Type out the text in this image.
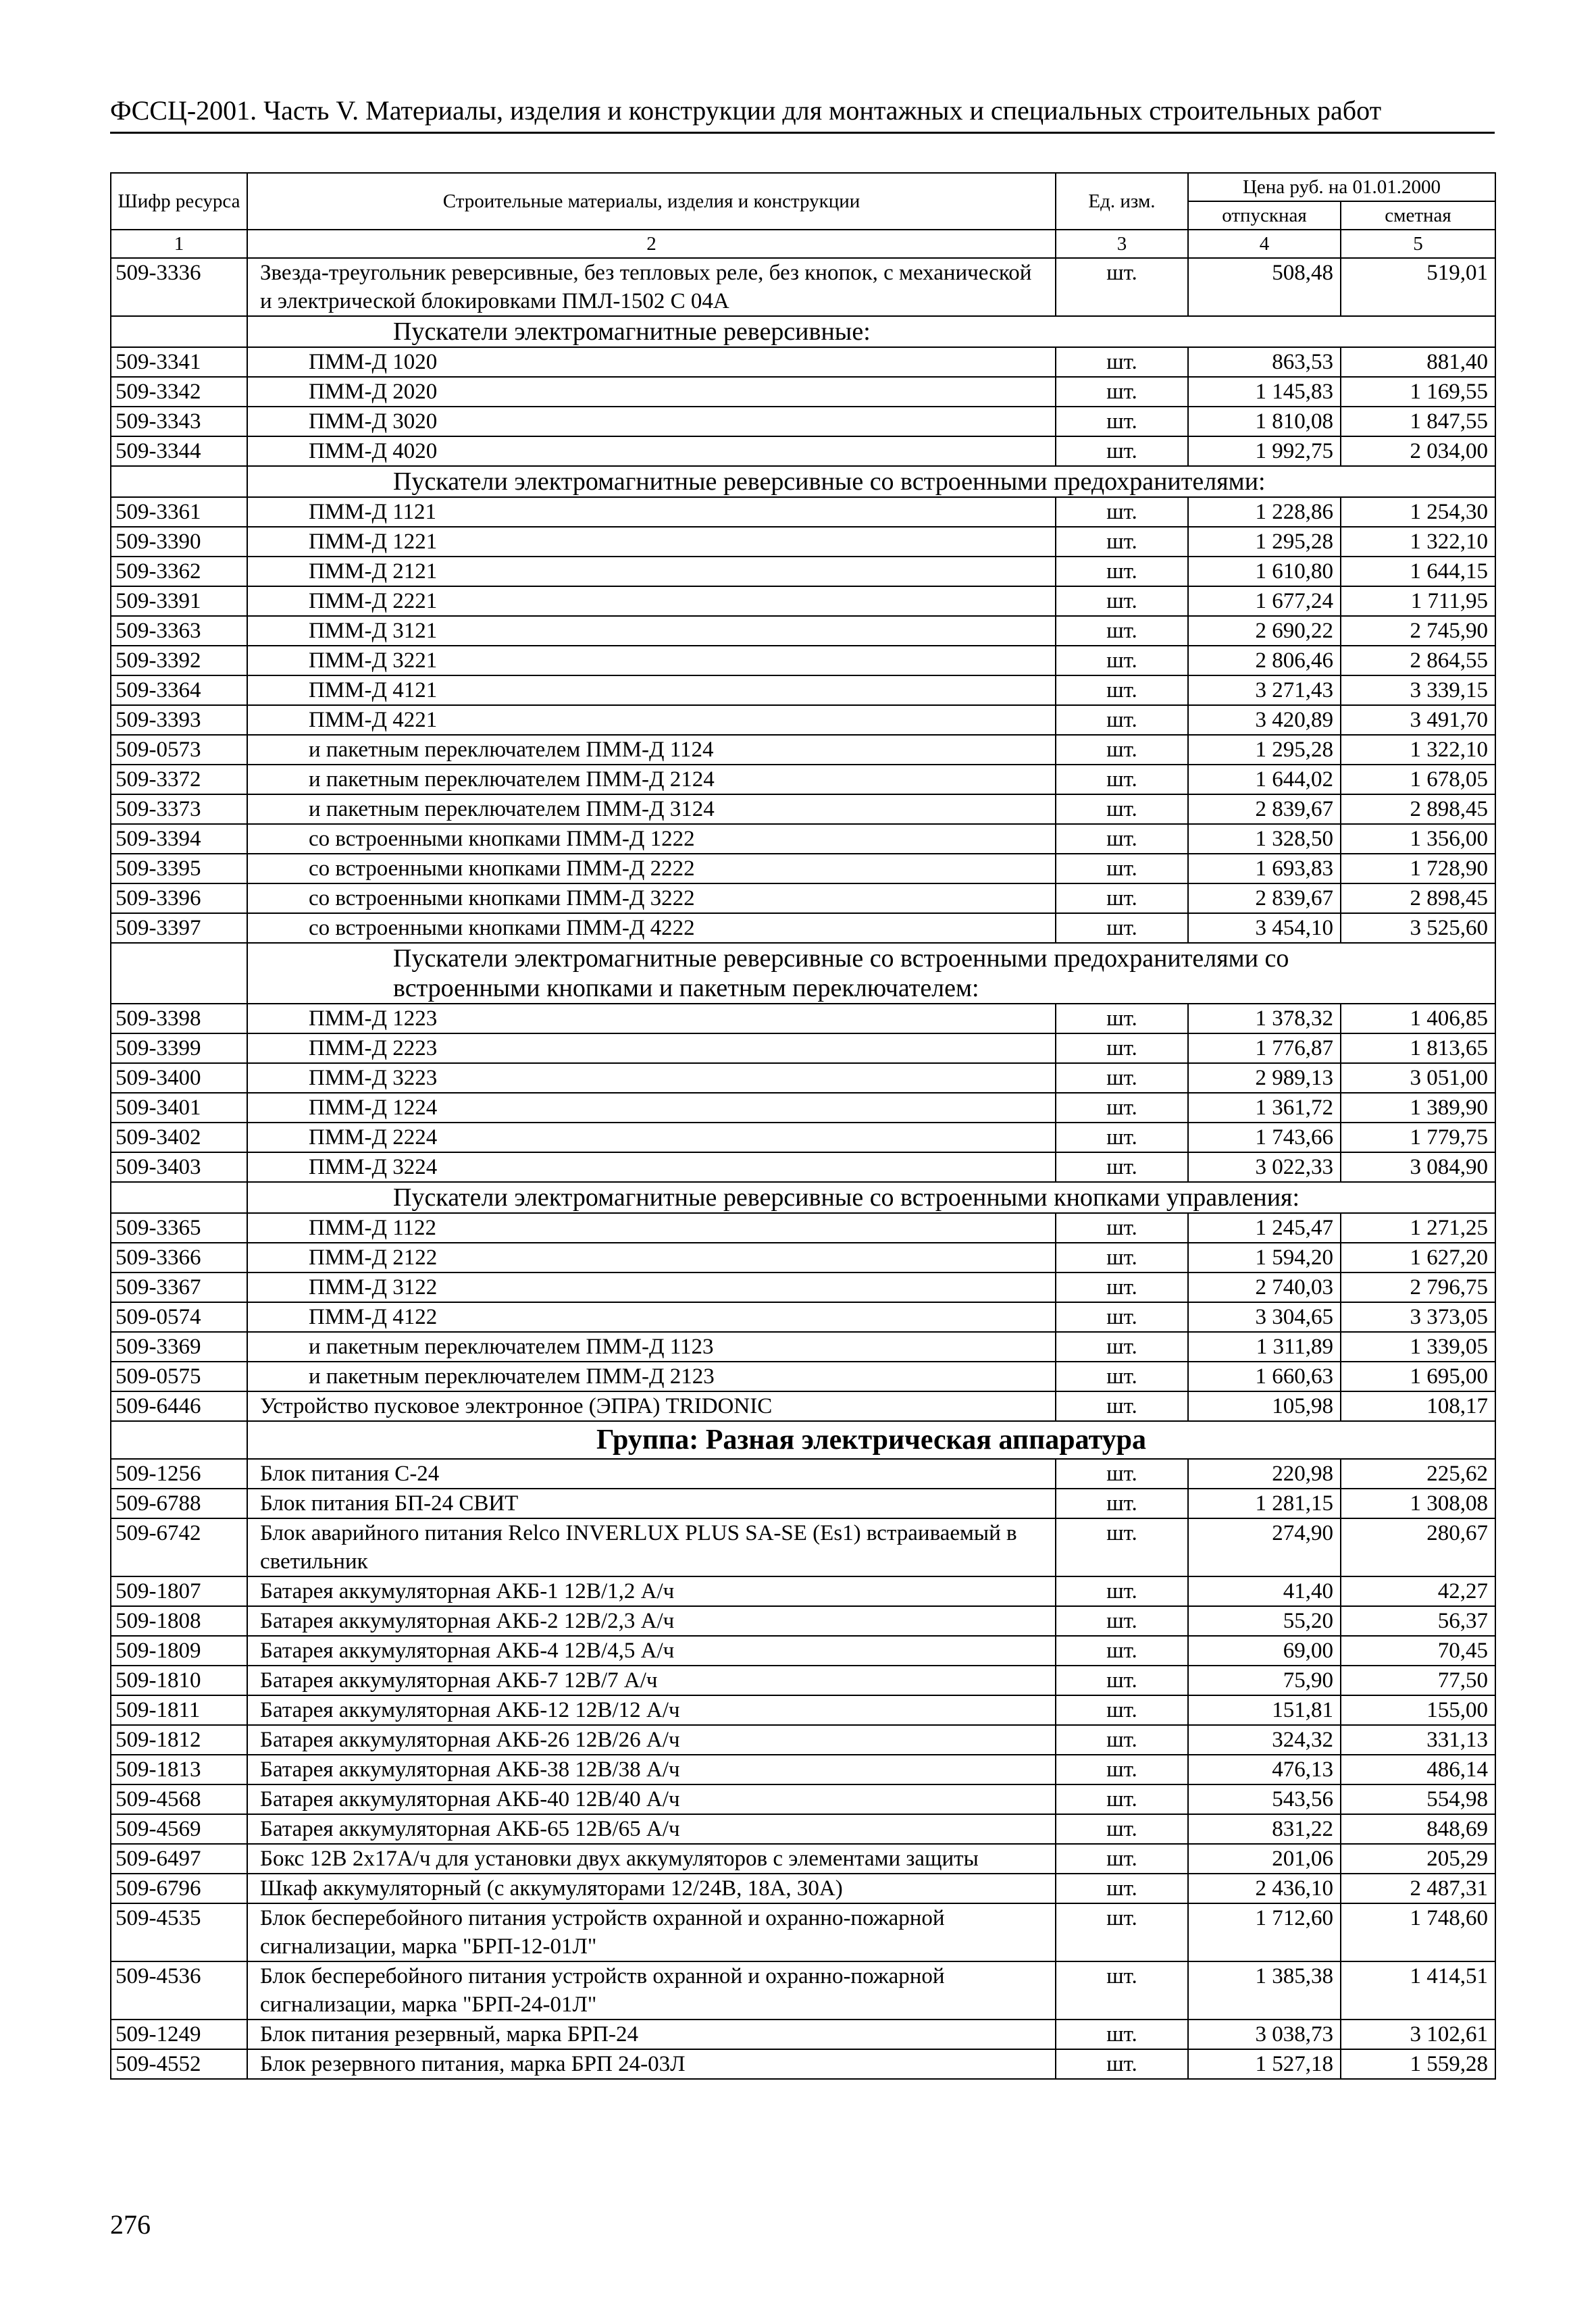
ФССЦ-2001. Часть V. Материалы, изделия и конструкции для монтажных и специальных строительных работ
Шифр ресурса	Строительные материалы, изделия и конструкции	Ед. изм.	Цена руб. на 01.01.2000	
			отпускная	сметная
1	2	3	4	5
509-3336	Звезда-треугольник реверсивные, без тепловых реле, без кнопок, с механической и электрической блокировками ПМЛ-1502 С 04А	шт.	508,48	519,01
	Пускатели электромагнитные реверсивные:			
509-3341	ПММ-Д 1020	шт.	863,53	881,40
509-3342	ПММ-Д 2020	шт.	1 145,83	1 169,55
509-3343	ПММ-Д 3020	шт.	1 810,08	1 847,55
509-3344	ПММ-Д 4020	шт.	1 992,75	2 034,00
	Пускатели электромагнитные реверсивные со встроенными предохранителями:			
509-3361	ПММ-Д 1121	шт.	1 228,86	1 254,30
509-3390	ПММ-Д 1221	шт.	1 295,28	1 322,10
509-3362	ПММ-Д 2121	шт.	1 610,80	1 644,15
509-3391	ПММ-Д 2221	шт.	1 677,24	1 711,95
509-3363	ПММ-Д 3121	шт.	2 690,22	2 745,90
509-3392	ПММ-Д 3221	шт.	2 806,46	2 864,55
509-3364	ПММ-Д 4121	шт.	3 271,43	3 339,15
509-3393	ПММ-Д 4221	шт.	3 420,89	3 491,70
509-0573	и пакетным переключателем ПММ-Д 1124	шт.	1 295,28	1 322,10
509-3372	и пакетным переключателем ПММ-Д 2124	шт.	1 644,02	1 678,05
509-3373	и пакетным переключателем ПММ-Д 3124	шт.	2 839,67	2 898,45
509-3394	со встроенными кнопками ПММ-Д 1222	шт.	1 328,50	1 356,00
509-3395	со встроенными кнопками ПММ-Д 2222	шт.	1 693,83	1 728,90
509-3396	со встроенными кнопками ПММ-Д 3222	шт.	2 839,67	2 898,45
509-3397	со встроенными кнопками ПММ-Д 4222	шт.	3 454,10	3 525,60
	Пускатели электромагнитные реверсивные со встроенными предохранителями со встроенными кнопками и пакетным переключателем:			
509-3398	ПММ-Д 1223	шт.	1 378,32	1 406,85
509-3399	ПММ-Д 2223	шт.	1 776,87	1 813,65
509-3400	ПММ-Д 3223	шт.	2 989,13	3 051,00
509-3401	ПММ-Д 1224	шт.	1 361,72	1 389,90
509-3402	ПММ-Д 2224	шт.	1 743,66	1 779,75
509-3403	ПММ-Д 3224	шт.	3 022,33	3 084,90
	Пускатели электромагнитные реверсивные со встроенными кнопками управления:			
509-3365	ПММ-Д 1122	шт.	1 245,47	1 271,25
509-3366	ПММ-Д 2122	шт.	1 594,20	1 627,20
509-3367	ПММ-Д 3122	шт.	2 740,03	2 796,75
509-0574	ПММ-Д 4122	шт.	3 304,65	3 373,05
509-3369	и пакетным переключателем ПММ-Д 1123	шт.	1 311,89	1 339,05
509-0575	и пакетным переключателем ПММ-Д 2123	шт.	1 660,63	1 695,00
509-6446	Устройство пусковое электронное (ЭПРА) TRIDONIC	шт.	105,98	108,17
	Группа: Разная электрическая аппаратура			
509-1256	Блок питания С-24	шт.	220,98	225,62
509-6788	Блок питания БП-24 СВИТ	шт.	1 281,15	1 308,08
509-6742	Блок аварийного питания Relco INVERLUX PLUS SA-SE (Es1) встраиваемый в светильник	шт.	274,90	280,67
509-1807	Батарея аккумуляторная АКБ-1 12В/1,2 А/ч	шт.	41,40	42,27
509-1808	Батарея аккумуляторная АКБ-2 12В/2,3 А/ч	шт.	55,20	56,37
509-1809	Батарея аккумуляторная АКБ-4 12В/4,5 А/ч	шт.	69,00	70,45
509-1810	Батарея аккумуляторная АКБ-7 12В/7 А/ч	шт.	75,90	77,50
509-1811	Батарея аккумуляторная АКБ-12 12В/12 А/ч	шт.	151,81	155,00
509-1812	Батарея аккумуляторная АКБ-26 12В/26 А/ч	шт.	324,32	331,13
509-1813	Батарея аккумуляторная АКБ-38 12В/38 А/ч	шт.	476,13	486,14
509-4568	Батарея аккумуляторная АКБ-40 12В/40 А/ч	шт.	543,56	554,98
509-4569	Батарея аккумуляторная АКБ-65 12В/65 А/ч	шт.	831,22	848,69
509-6497	Бокс 12В 2х17А/ч для установки двух аккумуляторов с элементами защиты	шт.	201,06	205,29
509-6796	Шкаф аккумуляторный (с аккумуляторами 12/24В, 18А, 30А)	шт.	2 436,10	2 487,31
509-4535	Блок бесперебойного питания устройств охранной и охранно-пожарной сигнализации, марка "БРП-12-01Л"	шт.	1 712,60	1 748,60
509-4536	Блок бесперебойного питания устройств охранной и охранно-пожарной сигнализации, марка "БРП-24-01Л"	шт.	1 385,38	1 414,51
509-1249	Блок питания резервный, марка БРП-24	шт.	3 038,73	3 102,61
509-4552	Блок резервного питания, марка БРП 24-03Л	шт.	1 527,18	1 559,28
276
